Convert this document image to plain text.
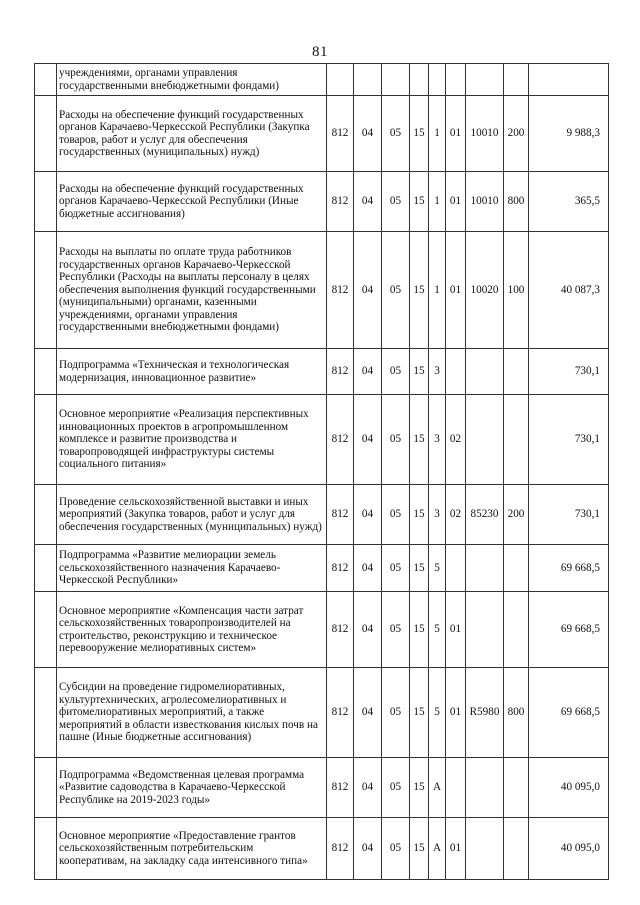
81
	учреждениями, органами управления государственными внебюджетными фондами)									
	Расходы на обеспечение функций государственных органов Карачаево-Черкесской Республики (Закупка товаров, работ и услуг для обеспечения государственных (муниципальных) нужд)	812	04	05	15	1	01	10010	200	9 988,3
	Расходы на обеспечение функций государственных органов Карачаево-Черкесской Республики (Иные бюджетные ассигнования)	812	04	05	15	1	01	10010	800	365,5
	Расходы на выплаты по оплате труда работников государственных органов Карачаево-Черкесской Республики (Расходы на выплаты персоналу в целях обеспечения выполнения функций государственными (муниципальными) органами, казенными учреждениями, органами управления государственными внебюджетными фондами)	812	04	05	15	1	01	10020	100	40 087,3
	Подпрограмма «Техническая и технологическая модернизация, инновационное развитие»	812	04	05	15	3				730,1
	Основное мероприятие «Реализация перспективных инновационных проектов в агропромышленном комплексе и развитие производства и товаропроводящей инфраструктуры системы социального питания»	812	04	05	15	3	02			730,1
	Проведение сельскохозяйственной выставки и иных мероприятий (Закупка товаров, работ и услуг для обеспечения государственных (муниципальных) нужд)	812	04	05	15	3	02	85230	200	730,1
	Подпрограмма «Развитие мелиорации земель сельскохозяйственного назначения Карачаево-Черкесской Республики»	812	04	05	15	5				69 668,5
	Основное мероприятие «Компенсация части затрат сельскохозяйственных товаропроизводителей на строительство, реконструкцию и техническое перевооружение мелиоративных систем»	812	04	05	15	5	01			69 668,5
	Субсидии на проведение гидромелиоративных, культуртехнических, агролесомелиоративных и фитомелиоративных мероприятий, а также мероприятий в области известкования кислых почв на пашне (Иные бюджетные ассигнования)	812	04	05	15	5	01	R5980	800	69 668,5
	Подпрограмма «Ведомственная целевая программа «Развитие садоводства в Карачаево-Черкесской Республике на 2019-2023 годы»	812	04	05	15	А				40 095,0
	Основное мероприятие «Предоставление грантов сельскохозяйственным потребительским кооперативам, на закладку сада интенсивного типа»	812	04	05	15	А	01			40 095,0
